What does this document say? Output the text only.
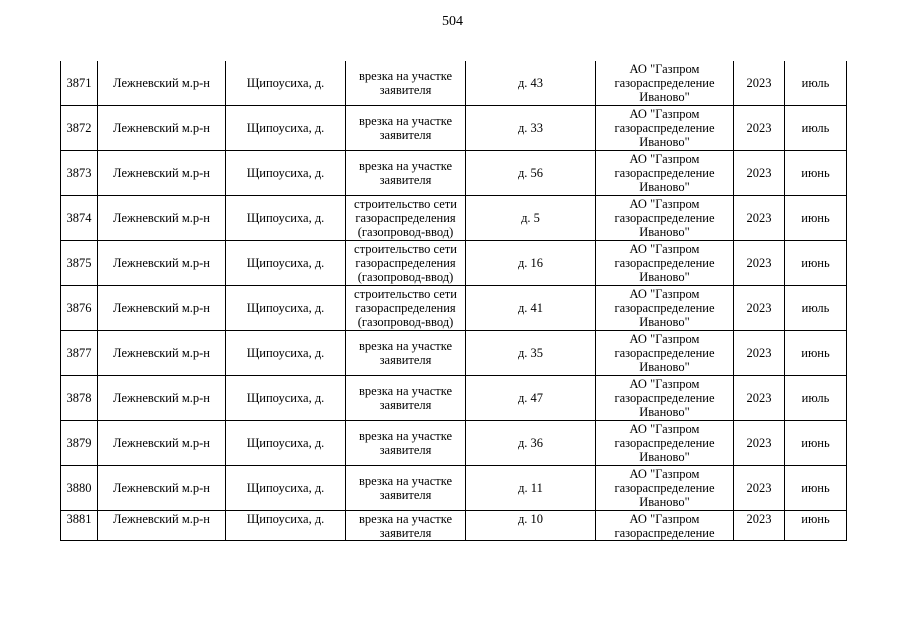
504
3871	Лежневский м.р-н	Щипоусиха, д.	врезка на участке
заявителя	д. 43	АО "Газпром
газораспределение
Иваново"	2023	июль
3872	Лежневский м.р-н	Щипоусиха, д.	врезка на участке
заявителя	д. 33	АО "Газпром
газораспределение
Иваново"	2023	июль
3873	Лежневский м.р-н	Щипоусиха, д.	врезка на участке
заявителя	д. 56	АО "Газпром
газораспределение
Иваново"	2023	июнь
3874	Лежневский м.р-н	Щипоусиха, д.	строительство сети
газораспределения
(газопровод-ввод)	д. 5	АО "Газпром
газораспределение
Иваново"	2023	июнь
3875	Лежневский м.р-н	Щипоусиха, д.	строительство сети
газораспределения
(газопровод-ввод)	д. 16	АО "Газпром
газораспределение
Иваново"	2023	июнь
3876	Лежневский м.р-н	Щипоусиха, д.	строительство сети
газораспределения
(газопровод-ввод)	д. 41	АО "Газпром
газораспределение
Иваново"	2023	июль
3877	Лежневский м.р-н	Щипоусиха, д.	врезка на участке
заявителя	д. 35	АО "Газпром
газораспределение
Иваново"	2023	июнь
3878	Лежневский м.р-н	Щипоусиха, д.	врезка на участке
заявителя	д. 47	АО "Газпром
газораспределение
Иваново"	2023	июль
3879	Лежневский м.р-н	Щипоусиха, д.	врезка на участке
заявителя	д. 36	АО "Газпром
газораспределение
Иваново"	2023	июнь
3880	Лежневский м.р-н	Щипоусиха, д.	врезка на участке
заявителя	д. 11	АО "Газпром
газораспределение
Иваново"	2023	июнь
3881	Лежневский м.р-н	Щипоусиха, д.	врезка на участке
заявителя	д. 10	АО "Газпром
газораспределение	2023	июнь
